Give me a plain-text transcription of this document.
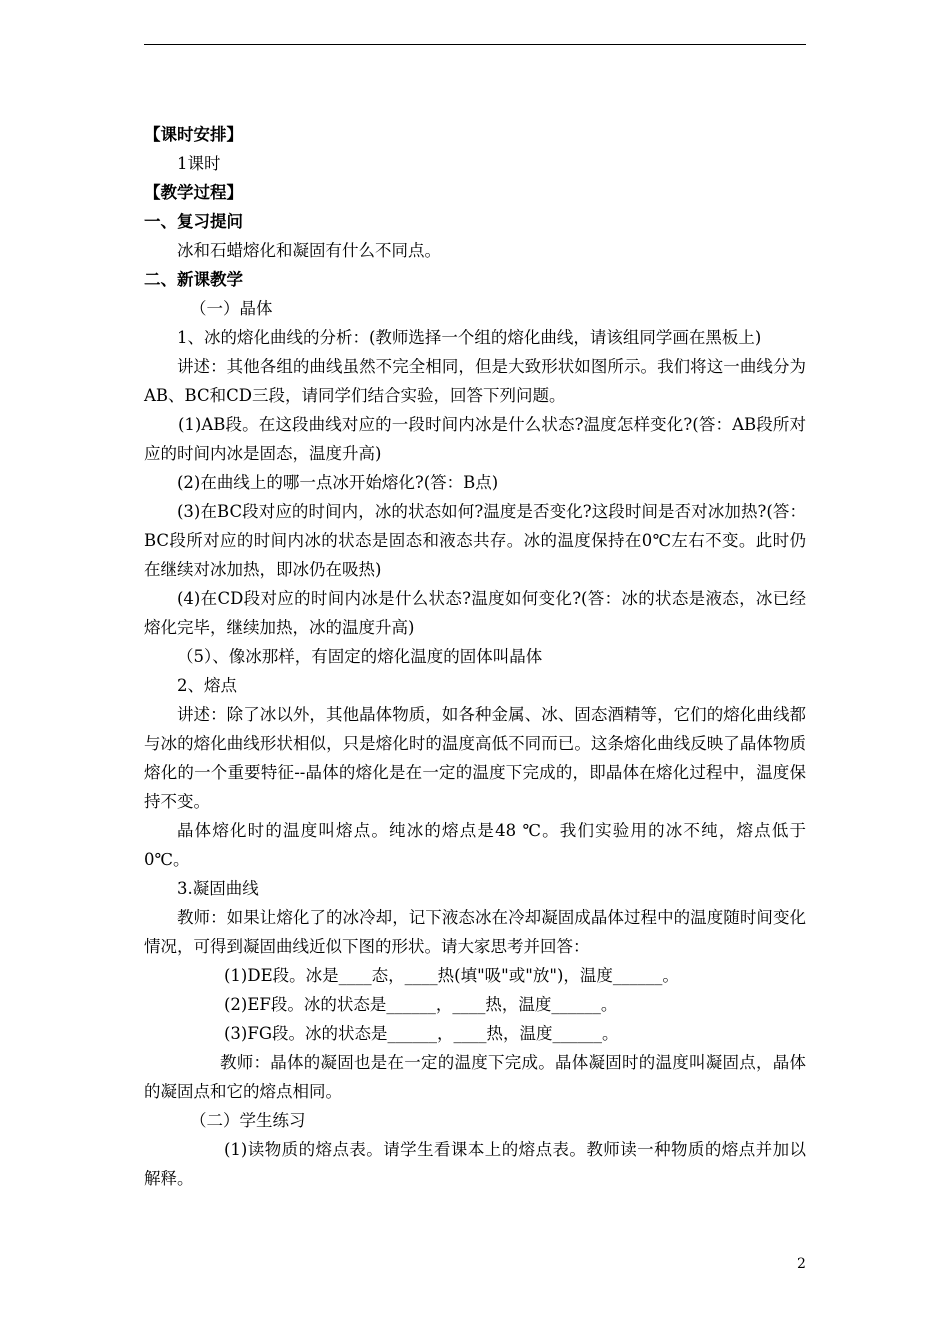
【课时安排】

1课时

【教学过程】

一、复习提问

冰和石蜡熔化和凝固有什么不同点。

二、新课教学

（一）晶体

1、冰的熔化曲线的分析：(教师选择一个组的熔化曲线，请该组同学画在黑板上)

讲述：其他各组的曲线虽然不完全相同，但是大致形状如图所示。我们将这一曲线分为AB、BC和CD三段，请同学们结合实验，回答下列问题。

(1)AB段。在这段曲线对应的一段时间内冰是什么状态?温度怎样变化?(答：AB段所对应的时间内冰是固态，温度升高)

(2)在曲线上的哪一点冰开始熔化?(答：B点)

(3)在BC段对应的时间内，冰的状态如何?温度是否变化?这段时间是否对冰加热?(答：BC段所对应的时间内冰的状态是固态和液态共存。冰的温度保持在0℃左右不变。此时仍在继续对冰加热，即冰仍在吸热)

(4)在CD段对应的时间内冰是什么状态?温度如何变化?(答：冰的状态是液态，冰已经熔化完毕，继续加热，冰的温度升高)

（5）、像冰那样，有固定的熔化温度的固体叫晶体

2、熔点

讲述：除了冰以外，其他晶体物质，如各种金属、冰、固态酒精等，它们的熔化曲线都与冰的熔化曲线形状相似，只是熔化时的温度高低不同而已。这条熔化曲线反映了晶体物质熔化的一个重要特征--晶体的熔化是在一定的温度下完成的，即晶体在熔化过程中，温度保持不变。

晶体熔化时的温度叫熔点。纯冰的熔点是48 ℃。我们实验用的冰不纯，熔点低于0℃。

3.凝固曲线

教师：如果让熔化了的冰冷却，记下液态冰在冷却凝固成晶体过程中的温度随时间变化情况，可得到凝固曲线近似下图的形状。请大家思考并回答：

(1)DE段。冰是____态，____热(填"吸"或"放")，温度______。

(2)EF段。冰的状态是______，____热，温度______。

(3)FG段。冰的状态是______，____热，温度______。

教师：晶体的凝固也是在一定的温度下完成。晶体凝固时的温度叫凝固点，晶体的凝固点和它的熔点相同。

（二）学生练习

(1)读物质的熔点表。请学生看课本上的熔点表。教师读一种物质的熔点并加以解释。

2
